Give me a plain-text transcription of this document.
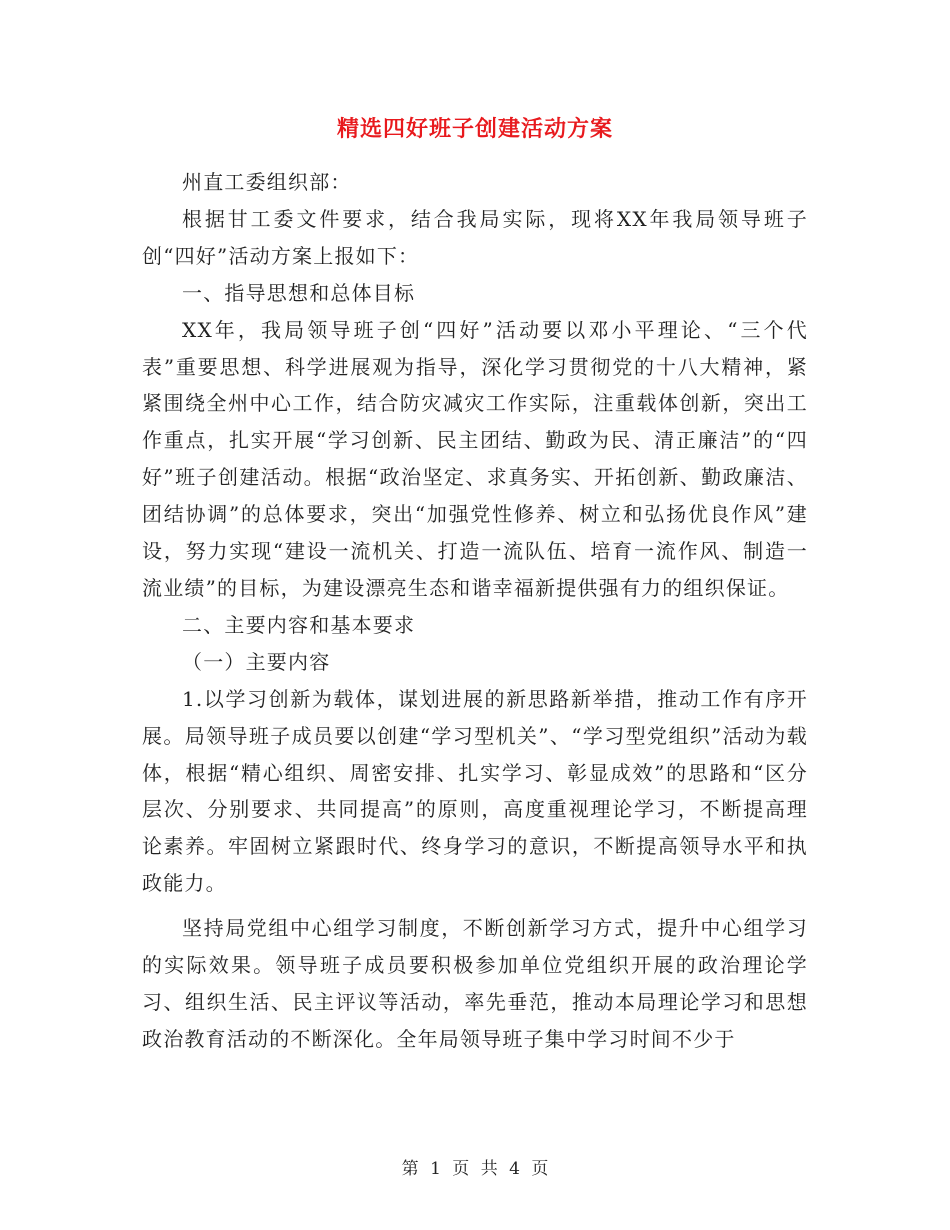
精选四好班子创建活动方案

州直工委组织部：

根据甘工委文件要求，结合我局实际，现将XX年我局领导班子创“四好”活动方案上报如下：

一、指导思想和总体目标

XX年，我局领导班子创“四好”活动要以邓小平理论、“三个代表”重要思想、科学进展观为指导，深化学习贯彻党的十八大精神，紧紧围绕全州中心工作，结合防灾减灾工作实际，注重载体创新，突出工作重点，扎实开展“学习创新、民主团结、勤政为民、清正廉洁”的“四好”班子创建活动。根据“政治坚定、求真务实、开拓创新、勤政廉洁、团结协调”的总体要求，突出“加强党性修养、树立和弘扬优良作风”建设，努力实现“建设一流机关、打造一流队伍、培育一流作风、制造一流业绩”的目标，为建设漂亮生态和谐幸福新提供强有力的组织保证。

二、主要内容和基本要求

（一）主要内容

1.以学习创新为载体，谋划进展的新思路新举措，推动工作有序开展。局领导班子成员要以创建“学习型机关”、“学习型党组织”活动为载体，根据“精心组织、周密安排、扎实学习、彰显成效”的思路和“区分层次、分别要求、共同提高”的原则，高度重视理论学习，不断提高理论素养。牢固树立紧跟时代、终身学习的意识，不断提高领导水平和执政能力。

坚持局党组中心组学习制度，不断创新学习方式，提升中心组学习的实际效果。领导班子成员要积极参加单位党组织开展的政治理论学习、组织生活、民主评议等活动，率先垂范，推动本局理论学习和思想政治教育活动的不断深化。全年局领导班子集中学习时间不少于

第 1 页 共 4 页
